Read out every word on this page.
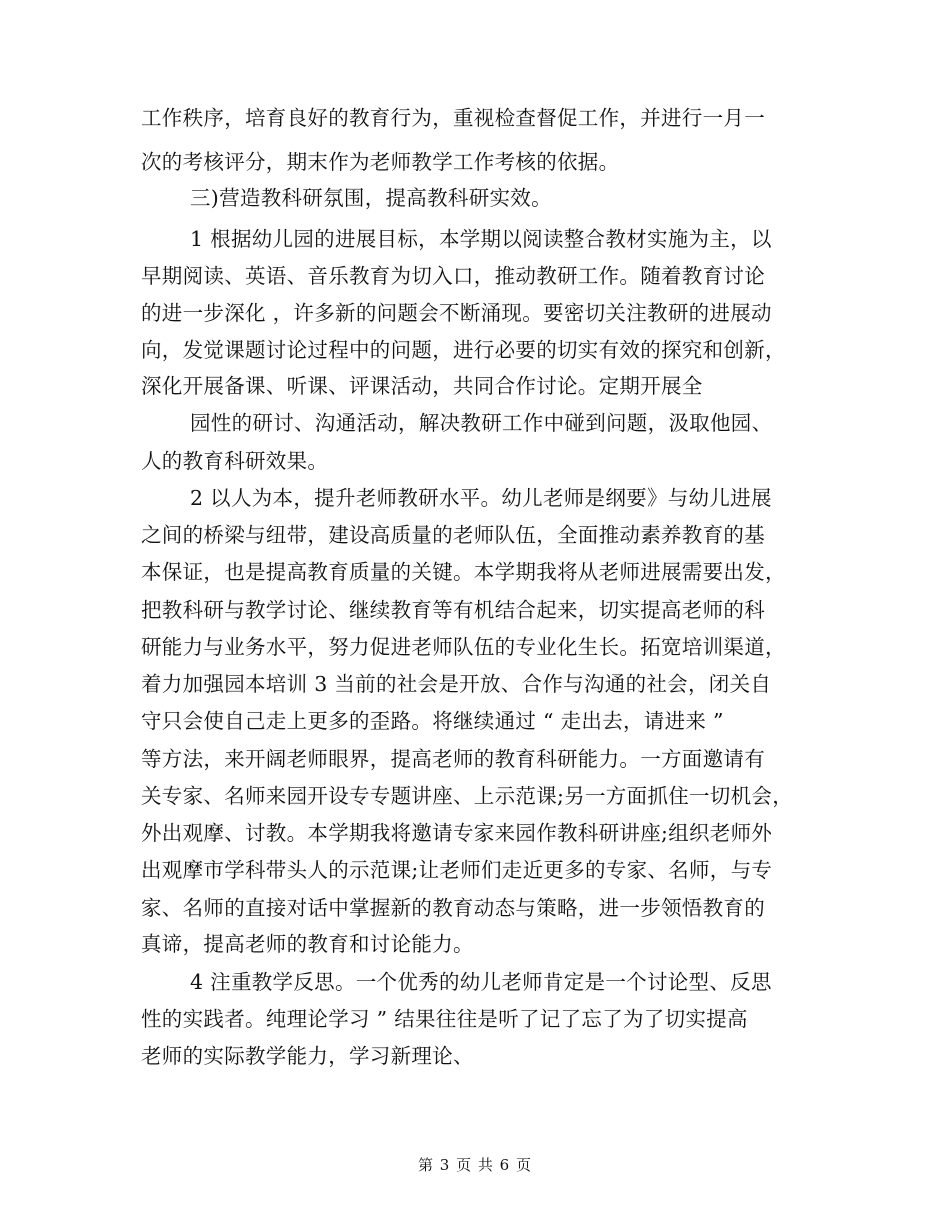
工作秩序，培育良好的教育行为，重视检查督促工作，并进行一月一
次的考核评分，期末作为老师教学工作考核的依据。
三)营造教科研氛围，提高教科研实效。
1 根据幼儿园的进展目标，本学期以阅读整合教材实施为主，以
早期阅读、英语、音乐教育为切入口，推动教研工作。随着教育讨论
的进一步深化 ，许多新的问题会不断涌现。要密切关注教研的进展动
向，发觉课题讨论过程中的问题，进行必要的切实有效的探究和创新，
深化开展备课、听课、评课活动，共同合作讨论。定期开展全
园性的研讨、沟通活动，解决教研工作中碰到问题，汲取他园、
人的教育科研效果。
2 以人为本，提升老师教研水平。幼儿老师是纲要》与幼儿进展
之间的桥梁与纽带，建设高质量的老师队伍，全面推动素养教育的基
本保证，也是提高教育质量的关键。本学期我将从老师进展需要出发，
把教科研与教学讨论、继续教育等有机结合起来，切实提高老师的科
研能力与业务水平，努力促进老师队伍的专业化生长。拓宽培训渠道，
着力加强园本培训 3 当前的社会是开放、合作与沟通的社会，闭关自
守只会使自己走上更多的歪路。将继续通过 “ 走出去，请进来 ”
等方法，来开阔老师眼界，提高老师的教育科研能力。一方面邀请有
关专家、名师来园开设专专题讲座、上示范课;另一方面抓住一切机会，
外出观摩、讨教。本学期我将邀请专家来园作教科研讲座;组织老师外
出观摩市学科带头人的示范课;让老师们走近更多的专家、名师，与专
家、名师的直接对话中掌握新的教育动态与策略，进一步领悟教育的
真谛，提高老师的教育和讨论能力。
4 注重教学反思。一个优秀的幼儿老师肯定是一个讨论型、反思
性的实践者。纯理论学习 ” 结果往往是听了记了忘了为了切实提高
老师的实际教学能力，学习新理论、
第 3 页 共 6 页
